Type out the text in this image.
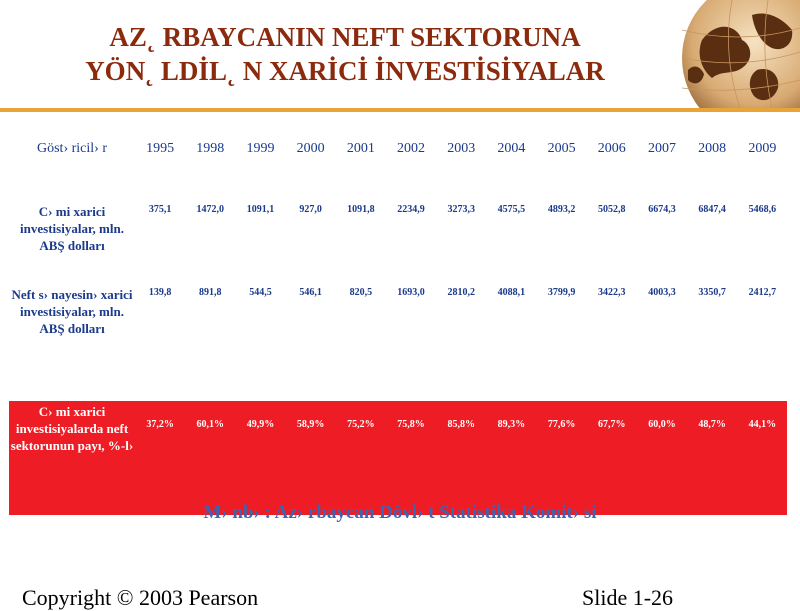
AZ˛ RBAYCANIN NEFT SEKTORUNA
YÖN˛ LDİL˛ N XARİCİ İNVESTİSİYALAR
Göst› ricil› r	1995	1998	1999	2000	2001	2002	2003	2004	2005	2006	2007	2008	2009
C› mi xarici investisiyalar, mln. ABŞ dolları	375,1	1472,0	1091,1	927,0	1091,8	2234,9	3273,3	4575,5	4893,2	5052,8	6674,3	6847,4	5468,6
Neft s› nayesin› xarici investisiyalar, mln. ABŞ dolları	139,8	891,8	544,5	546,1	820,5	1693,0	2810,2	4088,1	3799,9	3422,3	4003,3	3350,7	2412,7
C› mi xarici investisiyalarda neft sektorunun payı, %-l›	37,2%	60,1%	49,9%	58,9%	75,2%	75,8%	85,8%	89,3%	77,6%	67,7%	60,0%	48,7%	44,1%
M› nb› : Az› rbaycan Dövl› t Statistika Komit› si
Copyright © 2003 Pearson	Slide 1-26
